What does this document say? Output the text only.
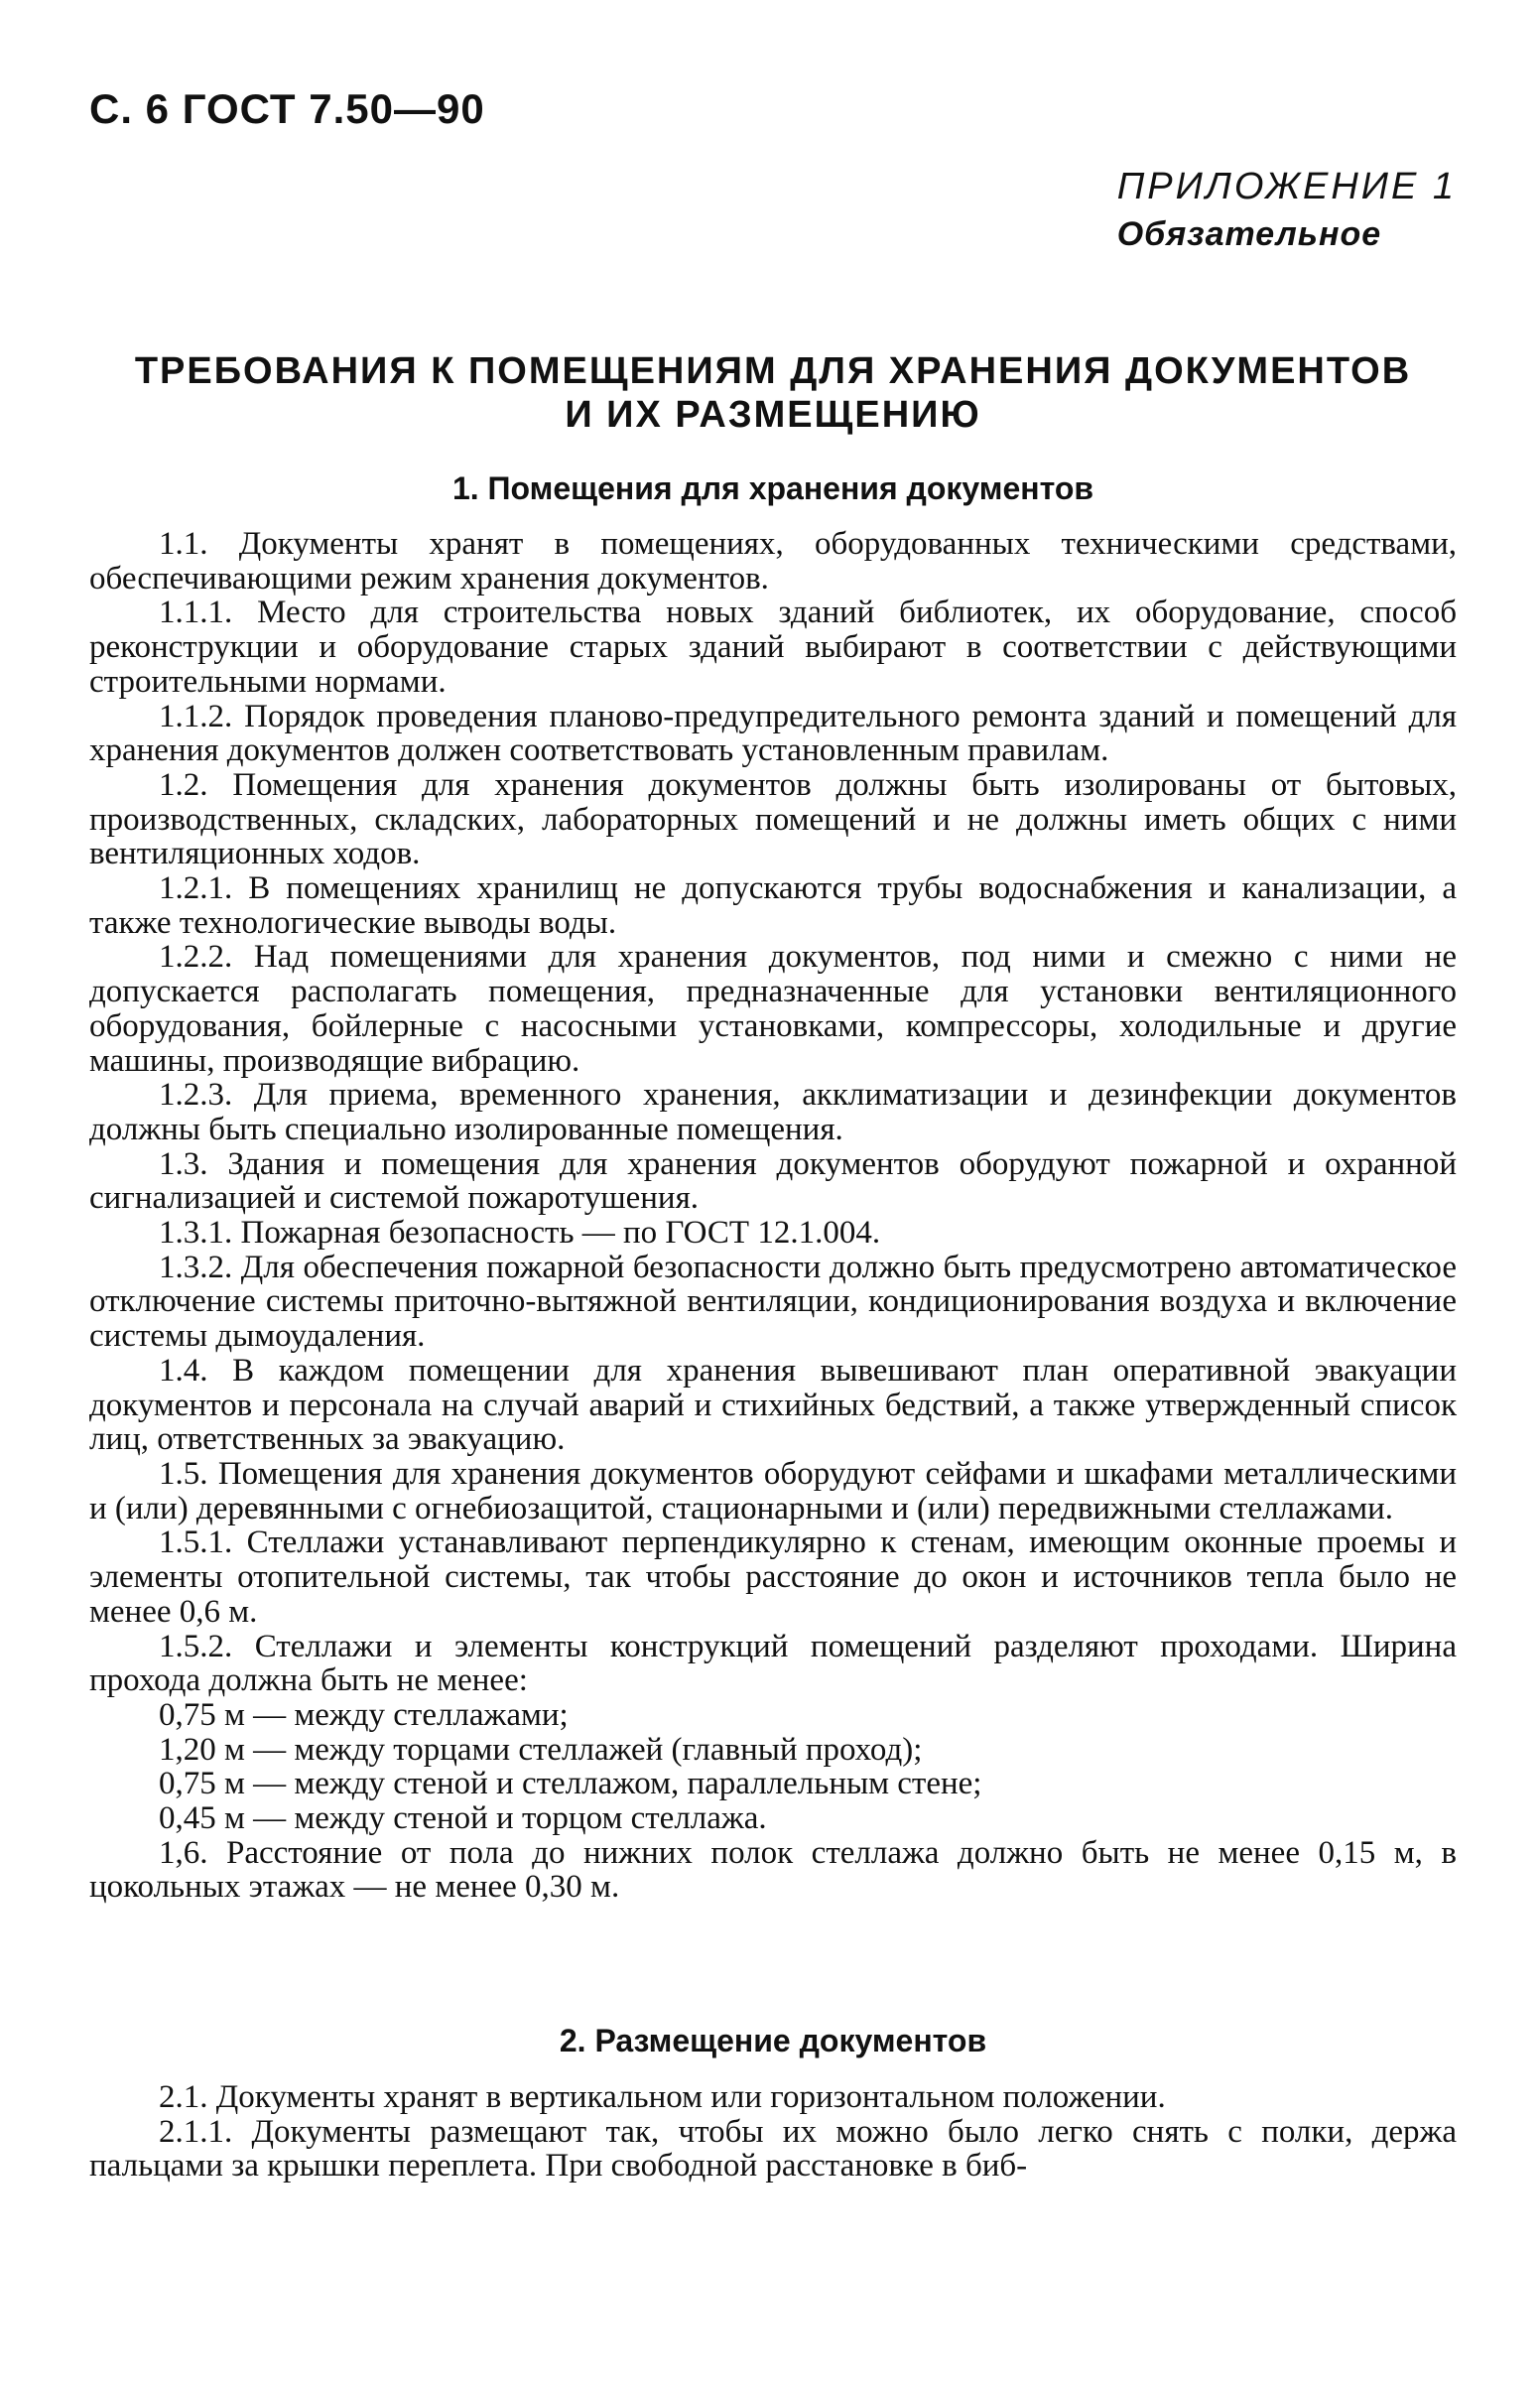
С. 6 ГОСТ 7.50—90
ПРИЛОЖЕНИЕ 1
Обязательное
ТРЕБОВАНИЯ К ПОМЕЩЕНИЯМ ДЛЯ ХРАНЕНИЯ ДОКУМЕНТОВ
И ИХ РАЗМЕЩЕНИЮ
1. Помещения для хранения документов

1.1. Документы хранят в помещениях, оборудованных техническими средствами, обеспечивающими режим хранения документов.

1.1.1. Место для строительства новых зданий библиотек, их оборудование, способ реконструкции и оборудование старых зданий выбирают в соответствии с действующими строительными нормами.

1.1.2. Порядок проведения планово-предупредительного ремонта зданий и помещений для хранения документов должен соответствовать установленным правилам.

1.2. Помещения для хранения документов должны быть изолированы от бытовых, производственных, складских, лабораторных помещений и не должны иметь общих с ними вентиляционных ходов.

1.2.1. В помещениях хранилищ не допускаются трубы водоснабжения и канализации, а также технологические выводы воды.

1.2.2. Над помещениями для хранения документов, под ними и смежно с ними не допускается располагать помещения, предназначенные для установки вентиляционного оборудования, бойлерные с насосными установками, компрессоры, холодильные и другие машины, производящие вибрацию.

1.2.3. Для приема, временного хранения, акклиматизации и дезинфекции документов должны быть специально изолированные помещения.

1.3. Здания и помещения для хранения документов оборудуют пожарной и охранной сигнализацией и системой пожаротушения.

1.3.1. Пожарная безопасность — по ГОСТ 12.1.004.

1.3.2. Для обеспечения пожарной безопасности должно быть предусмотрено автоматическое отключение системы приточно-вытяжной вентиляции, кондиционирования воздуха и включение системы дымоудаления.

1.4. В каждом помещении для хранения вывешивают план оперативной эвакуации документов и персонала на случай аварий и стихийных бедствий, а также утвержденный список лиц, ответственных за эвакуацию.

1.5. Помещения для хранения документов оборудуют сейфами и шкафами металлическими и (или) деревянными с огнебиозащитой, стационарными и (или) передвижными стеллажами.

1.5.1. Стеллажи устанавливают перпендикулярно к стенам, имеющим оконные проемы и элементы отопительной системы, так чтобы расстояние до окон и источников тепла было не менее 0,6 м.

1.5.2. Стеллажи и элементы конструкций помещений разделяют проходами. Ширина прохода должна быть не менее:

0,75 м — между стеллажами;

1,20 м — между торцами стеллажей (главный проход);

0,75 м — между стеной и стеллажом, параллельным стене;

0,45 м — между стеной и торцом стеллажа.

1,6. Расстояние от пола до нижних полок стеллажа должно быть не менее 0,15 м, в цокольных этажах — не менее 0,30 м.

2. Размещение документов

2.1. Документы хранят в вертикальном или горизонтальном положении.

2.1.1. Документы размещают так, чтобы их можно было легко снять с полки, держа пальцами за крышки переплета. При свободной расстановке в биб-
